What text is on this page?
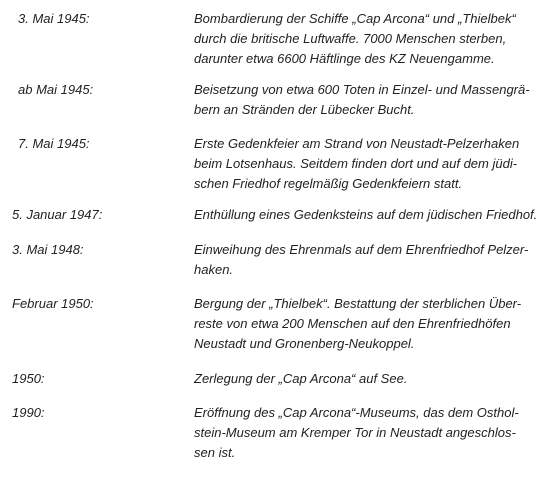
3. Mai 1945:	Bombardierung der Schiffe „Cap Arcona“ und „Thielbek“
durch die britische Luftwaffe. 7000 Menschen sterben,
darunter etwa 6600 Häftlinge des KZ Neuengamme.
ab Mai 1945:	Beisetzung von etwa 600 Toten in Einzel- und Massengrä-
bern an Stränden der Lübecker Bucht.
7. Mai 1945:	Erste Gedenkfeier am Strand von Neustadt-Pelzerhaken
beim Lotsenhaus. Seitdem finden dort und auf dem jüdi-
schen Friedhof regelmäßig Gedenkfeiern statt.
5. Januar 1947:	Enthüllung eines Gedenksteins auf dem jüdischen Friedhof.
3. Mai 1948:	Einweihung des Ehrenmals auf dem Ehrenfriedhof Pelzer-
haken.
Februar 1950:	Bergung der „Thielbek“. Bestattung der sterblichen Über-
reste von etwa 200 Menschen auf den Ehrenfriedhöfen
Neustadt und Gronenberg-Neukoppel.
1950:	Zerlegung der „Cap Arcona“ auf See.
1990:	Eröffnung des „Cap Arcona“-Museums, das dem Osthol-
stein-Museum am Kremper Tor in Neustadt angeschlos-
sen ist.
